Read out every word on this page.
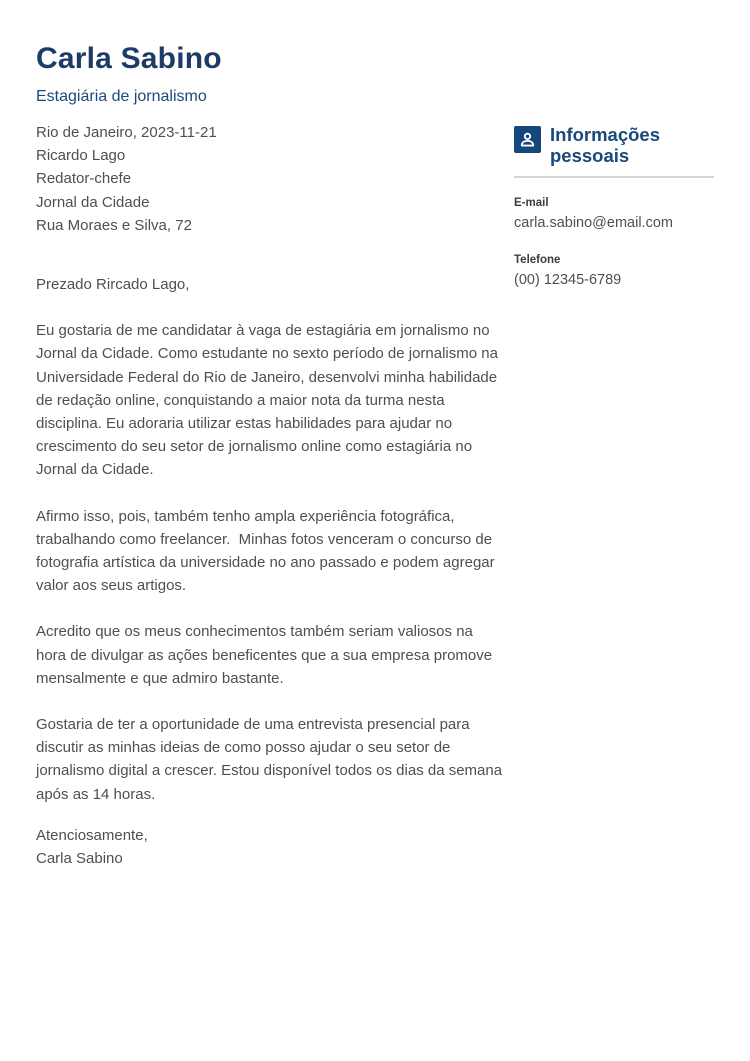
Carla Sabino
Estagiária de jornalismo
Rio de Janeiro, 2023-11-21
Ricardo Lago
Redator-chefe
Jornal da Cidade
Rua Moraes e Silva, 72

Prezado Rircado Lago,

Eu gostaria de me candidatar à vaga de estagiária em jornalismo no Jornal da Cidade. Como estudante no sexto período de jornalismo na Universidade Federal do Rio de Janeiro, desenvolvi minha habilidade de redação online, conquistando a maior nota da turma nesta disciplina. Eu adoraria utilizar estas habilidades para ajudar no crescimento do seu setor de jornalismo online como estagiária no Jornal da Cidade.

Afirmo isso, pois, também tenho ampla experiência fotográfica, trabalhando como freelancer.  Minhas fotos venceram o concurso de fotografia artística da universidade no ano passado e podem agregar valor aos seus artigos.

Acredito que os meus conhecimentos também seriam valiosos na hora de divulgar as ações beneficentes que a sua empresa promove mensalmente e que admiro bastante.

Gostaria de ter a oportunidade de uma entrevista presencial para discutir as minhas ideias de como posso ajudar o seu setor de jornalismo digital a crescer. Estou disponível todos os dias da semana após as 14 horas.

Atenciosamente,
Carla Sabino
Informações pessoais
E-mail
carla.sabino@email.com
Telefone
(00) 12345-6789
